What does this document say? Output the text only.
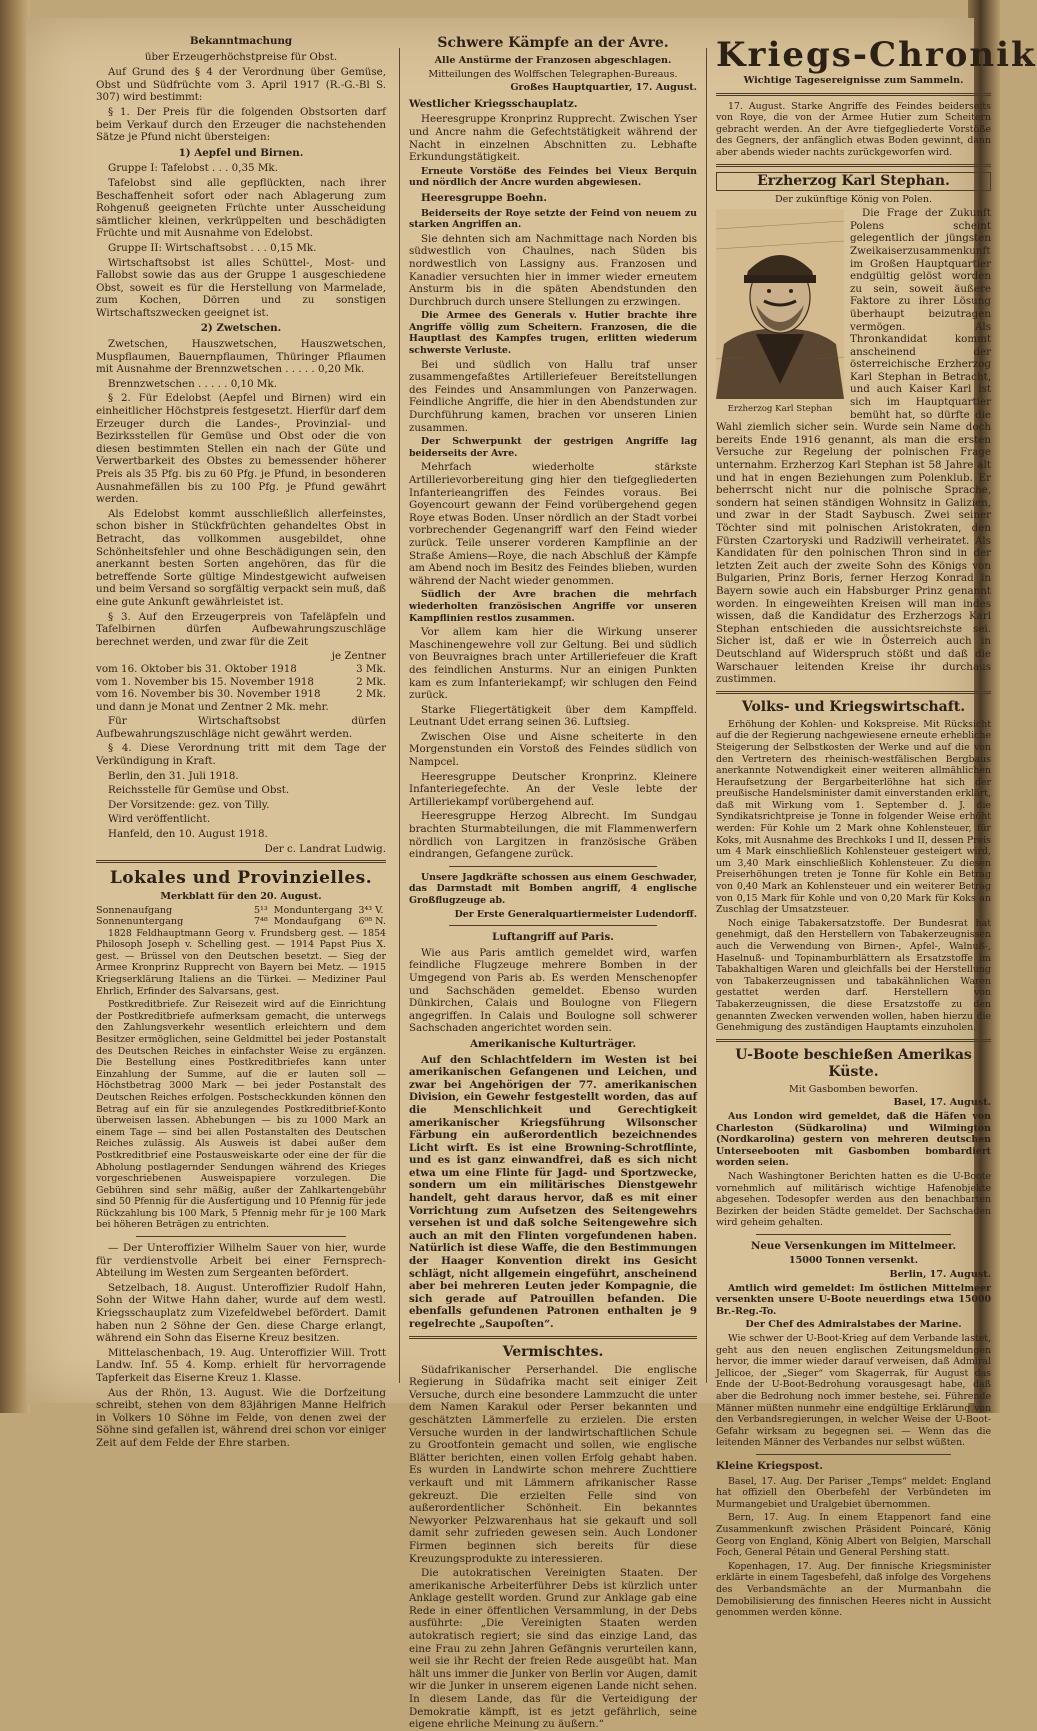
Bekanntmachung
über Erzeugerhöchstpreise für Obst.

Auf Grund des § 4 der Verordnung über Gemüse, Obst und Südfrüchte vom 3. April 1917 (R.-G.-Bl S. 307) wird bestimmt:

§ 1. Der Preis für die folgenden Obstsorten darf beim Verkauf durch den Erzeuger die nachstehenden Sätze je Pfund nicht übersteigen:

1) Aepfel und Birnen.

Gruppe I: Tafelobst . . . 0,35 Mk.

Tafelobst sind alle gepflückten, nach ihrer Beschaffenheit sofort oder nach Ablagerung zum Rohgenuß geeigneten Früchte unter Ausscheidung sämtlicher kleinen, verkrüppelten und beschädigten Früchte und mit Ausnahme von Edelobst.

Gruppe II: Wirtschaftsobst . . . 0,15 Mk.

Wirtschaftsobst ist alles Schüttel-, Most- und Fallobst sowie das aus der Gruppe 1 ausgeschiedene Obst, soweit es für die Herstellung von Marmelade, zum Kochen, Dörren und zu sonstigen Wirtschaftszwecken geeignet ist.

2) Zwetschen.

Zwetschen, Hauszwetschen, Hauszwetschen, Muspflaumen, Bauernpflaumen, Thüringer Pflaumen mit Ausnahme der Brennzwetschen . . . . . 0,20 Mk.

Brennzwetschen . . . . . 0,10 Mk.

§ 2. Für Edelobst (Aepfel und Birnen) wird ein einheitlicher Höchstpreis festgesetzt. Hierfür darf dem Erzeuger durch die Landes-, Provinzial- und Bezirksstellen für Gemüse und Obst oder die von diesen bestimmten Stellen ein nach der Güte und Verwertbarkeit des Obstes zu bemessender höherer Preis als 35 Pfg. bis zu 60 Pfg. je Pfund, in besonderen Ausnahmefällen bis zu 100 Pfg. je Pfund gewährt werden.

Als Edelobst kommt ausschließlich allerfeinstes, schon bisher in Stückfrüchten gehandeltes Obst in Betracht, das vollkommen ausgebildet, ohne Schönheitsfehler und ohne Beschädigungen sein, den anerkannt besten Sorten angehören, das für die betreffende Sorte gültige Mindestgewicht aufweisen und beim Versand so sorgfältig verpackt sein muß, daß eine gute Ankunft gewährleistet ist.

§ 3. Auf den Erzeugerpreis von Tafeläpfeln und Tafelbirnen dürfen Aufbewahrungszuschläge berechnet werden, und zwar für die Zeit

je Zentner
vom 16. Oktober bis 31. Oktober 1918	3 Mk.
vom 1. November bis 15. November 1918	2 Mk.
vom 16. November bis 30. November 1918	2 Mk.

und dann je Monat und Zentner 2 Mk. mehr.

Für Wirtschaftsobst dürfen Aufbewahrungszuschläge nicht gewährt werden.

§ 4. Diese Verordnung tritt mit dem Tage der Verkündigung in Kraft.

Berlin, den 31. Juli 1918.

Reichsstelle für Gemüse und Obst.

Der Vorsitzende: gez. von Tilly.

Wird veröffentlicht.

Hanfeld, den 10. August 1918.

Der c. Landrat Ludwig.

Lokales und Provinzielles.
Merkblatt für den 20. August.
Sonnenaufgang	5¹³ Monduntergang 3⁴³ V.
Sonnenuntergang	7⁴⁸ Mondaufgang	6⁰⁸ N.

1828 Feldhauptmann Georg v. Frundsberg gest. — 1854 Philosoph Joseph v. Schelling gest. — 1914 Papst Pius X. gest. — Brüssel von den Deutschen besetzt. — Sieg der Armee Kronprinz Rupprecht von Bayern bei Metz. — 1915 Kriegserklärung Italiens an die Türkei. — Mediziner Paul Ehrlich, Erfinder des Salvarsans, gest.

Postkreditbriefe. Zur Reisezeit wird auf die Einrichtung der Postkreditbriefe aufmerksam gemacht, die unterwegs den Zahlungsverkehr wesentlich erleichtern und dem Besitzer ermöglichen, seine Geldmittel bei jeder Postanstalt des Deutschen Reiches in einfachster Weise zu ergänzen. Die Bestellung eines Postkreditbriefes kann unter Einzahlung der Summe, auf die er lauten soll — Höchstbetrag 3000 Mark — bei jeder Postanstalt des Deutschen Reiches erfolgen. Postscheckkunden können den Betrag auf ein für sie anzulegendes Postkreditbrief-Konto überweisen lassen. Abhebungen — bis zu 1000 Mark an einem Tage — sind bei allen Postanstalten des Deutschen Reiches zulässig. Als Ausweis ist dabei außer dem Postkreditbrief eine Postausweiskarte oder eine der für die Abholung postlagernder Sendungen während des Krieges vorgeschriebenen Ausweispapiere vorzulegen. Die Gebühren sind sehr mäßig, außer der Zahlkartengebühr sind 50 Pfennig für die Ausfertigung und 10 Pfennig für jede Rückzahlung bis 100 Mark, 5 Pfennig mehr für je 100 Mark bei höheren Beträgen zu entrichten.

— Der Unteroffizier Wilhelm Sauer von hier, wurde für verdienstvolle Arbeit bei einer Fernsprech-Abteilung im Westen zum Sergeanten befördert.

Setzelbach, 18. August. Unteroffizier Rudolf Hahn, Sohn der Witwe Hahn daher, wurde auf dem westl. Kriegsschauplatz zum Vizefeldwebel befördert. Damit haben nun 2 Söhne der Gen. diese Charge erlangt, während ein Sohn das Eiserne Kreuz besitzen.

Mittelaschenbach, 19. Aug. Unteroffizier Will. Trott Landw. Inf. 55 4. Komp. erhielt für hervorragende Tapferkeit das Eiserne Kreuz 1. Klasse.

Aus der Rhön, 13. August. Wie die Dorfzeitung schreibt, stehen von dem 83jährigen Manne Helfrich in Volkers 10 Söhne im Felde, von denen zwei der Söhne sind gefallen ist, während drei schon vor einiger Zeit auf dem Felde der Ehre starben.

Schwere Kämpfe an der Avre.
Alle Anstürme der Franzosen abgeschlagen.
Mitteilungen des Wolffschen Telegraphen-Bureaus.
Großes Hauptquartier, 17. August.
Westlicher Kriegsschauplatz.

Heeresgruppe Kronprinz Rupprecht. Zwischen Yser und Ancre nahm die Gefechtstätigkeit während der Nacht in einzelnen Abschnitten zu. Lebhafte Erkundungstätigkeit.

Erneute Vorstöße des Feindes bei Vieux Berquin und nördlich der Ancre wurden abgewiesen.

Heeresgruppe Boehn.

Beiderseits der Roye setzte der Feind von neuem zu starken Angriffen an.

Sie dehnten sich am Nachmittage nach Norden bis südwestlich von Chaulnes, nach Süden bis nordwestlich von Lassigny aus. Franzosen und Kanadier versuchten hier in immer wieder erneutem Ansturm bis in die späten Abendstunden den Durchbruch durch unsere Stellungen zu erzwingen.

Die Armee des Generals v. Hutier brachte ihre Angriffe völlig zum Scheitern. Franzosen, die die Hauptlast des Kampfes trugen, erlitten wiederum schwerste Verluste.

Bei und südlich von Hallu traf unser zusammengefaßtes Artilleriefeuer Bereitstellungen des Feindes und Ansammlungen von Panzerwagen. Feindliche Angriffe, die hier in den Abendstunden zur Durchführung kamen, brachen vor unseren Linien zusammen.

Der Schwerpunkt der gestrigen Angriffe lag beiderseits der Avre.

Mehrfach wiederholte stärkste Artillerievorbereitung ging hier den tiefgegliederten Infanterieangriffen des Feindes voraus. Bei Goyencourt gewann der Feind vorübergehend gegen Roye etwas Boden. Unser nördlich an der Stadt vorbei vorbrechender Gegenangriff warf den Feind wieder zurück. Teile unserer vorderen Kampflinie an der Straße Amiens—Roye, die nach Abschluß der Kämpfe am Abend noch im Besitz des Feindes blieben, wurden während der Nacht wieder genommen.

Südlich der Avre brachen die mehrfach wiederholten französischen Angriffe vor unseren Kampflinien restlos zusammen.

Vor allem kam hier die Wirkung unserer Maschinengewehre voll zur Geltung. Bei und südlich von Beuvraignes brach unter Artilleriefeuer die Kraft des feindlichen Ansturms. Nur an einigen Punkten kam es zum Infanteriekampf; wir schlugen den Feind zurück.

Starke Fliegertätigkeit über dem Kampffeld. Leutnant Udet errang seinen 36. Luftsieg.

Zwischen Oise und Aisne scheiterte in den Morgenstunden ein Vorstoß des Feindes südlich von Nampcel.

Heeresgruppe Deutscher Kronprinz. Kleinere Infanteriegefechte. An der Vesle lebte der Artilleriekampf vorübergehend auf.

Heeresgruppe Herzog Albrecht. Im Sundgau brachten Sturmabteilungen, die mit Flammenwerfern nördlich von Largitzen in französische Gräben eindrangen, Gefangene zurück.

Unsere Jagdkräfte schossen aus einem Geschwader, das Darmstadt mit Bomben angriff, 4 englische Großflugzeuge ab.

Der Erste Generalquartiermeister Ludendorff.

Luftangriff auf Paris.

Wie aus Paris amtlich gemeldet wird, warfen feindliche Flugzeuge mehrere Bomben in der Umgegend von Paris ab. Es werden Menschenopfer und Sachschäden gemeldet. Ebenso wurden Dünkirchen, Calais und Boulogne von Fliegern angegriffen. In Calais und Boulogne soll schwerer Sachschaden angerichtet worden sein.

Amerikanische Kulturträger.

Auf den Schlachtfeldern im Westen ist bei amerikanischen Gefangenen und Leichen, und zwar bei Angehörigen der 77. amerikanischen Division, ein Gewehr festgestellt worden, das auf die Menschlichkeit und Gerechtigkeit amerikanischer Kriegsführung Wilsonscher Färbung ein außerordentlich bezeichnendes Licht wirft. Es ist eine Browning-Schrotflinte, und es ist ganz einwandfrei, daß es sich nicht etwa um eine Flinte für Jagd- und Sportzwecke, sondern um ein militärisches Dienstgewehr handelt, geht daraus hervor, daß es mit einer Vorrichtung zum Aufsetzen des Seitengewehrs versehen ist und daß solche Seitengewehre sich auch an mit den Flinten vorgefundenen haben. Natürlich ist diese Waffe, die den Bestimmungen der Haager Konvention direkt ins Gesicht schlägt, nicht allgemein eingeführt, anscheinend aber bei mehreren Leuten jeder Kompagnie, die sich gerade auf Patrouillen befanden. Die ebenfalls gefundenen Patronen enthalten je 9 regelrechte „Saupoſten“.

Vermischtes.

Südafrikanischer Perserhandel. Die englische Regierung in Südafrika macht seit einiger Zeit Versuche, durch eine besondere Lammzucht die unter dem Namen Karakul oder Perser bekannten und geschätzten Lämmerfelle zu erzielen. Die ersten Versuche wurden in der landwirtschaftlichen Schule zu Grootfontein gemacht und sollen, wie englische Blätter berichten, einen vollen Erfolg gehabt haben. Es wurden in Landwirte schon mehrere Zuchttiere verkauft und mit Lämmern afrikanischer Rasse gekreuzt. Die erzielten Felle sind von außerordentlicher Schönheit. Ein bekanntes Newyorker Pelzwarenhaus hat sie gekauft und soll damit sehr zufrieden gewesen sein. Auch Londoner Firmen beginnen sich bereits für diese Kreuzungsprodukte zu interessieren.

Die autokratischen Vereinigten Staaten. Der amerikanische Arbeiterführer Debs ist kürzlich unter Anklage gestellt worden. Grund zur Anklage gab eine Rede in einer öffentlichen Versammlung, in der Debs ausführte: „Die Vereinigten Staaten werden autokratisch regiert; sie sind das einzige Land, das eine Frau zu zehn Jahren Gefängnis verurteilen kann, weil sie ihr Recht der freien Rede ausgeübt hat. Man hält uns immer die Junker von Berlin vor Augen, damit wir die Junker in unserem eigenen Lande nicht sehen. In diesem Lande, das für die Verteidigung der Demokratie kämpft, ist es jetzt gefährlich, seine eigene ehrliche Meinung zu äußern.“

Kriegs-Chronik
Wichtige Tagesereignisse zum Sammeln.

17. August. Starke Angriffe des Feindes beiderseits von Roye, die von der Armee Hutier zum Scheitern gebracht werden. An der Avre tiefgegliederte Vorstöße des Gegners, der anfänglich etwas Boden gewinnt, dann aber abends wieder nachts zurückgeworfen wird.

Erzherzog Karl Stephan.
Der zukünftige König von Polen.
Erzherzog Karl Stephan

Die Frage der Zukunft Polens scheint gelegentlich der jüngsten Zweikaiserzusammenkunft im Großen Hauptquartier endgültig gelöst worden zu sein, soweit äußere Faktore zu ihrer Lösung überhaupt beizutragen vermögen. Als Thronkandidat kommt anscheinend der österreichische Erzherzog Karl Stephan in Betracht, und auch Kaiser Karl ist sich im Hauptquartier bemüht hat, so dürfte die Wahl ziemlich sicher sein. Wurde sein Name doch bereits Ende 1916 genannt, als man die ersten Versuche zur Regelung der polnischen Frage unternahm. Erzherzog Karl Stephan ist 58 Jahre alt und hat in engen Beziehungen zum Polenklub. Er beherrscht nicht nur die polnische Sprache, sondern hat seinen ständigen Wohnsitz in Galizien, und zwar in der Stadt Saybusch. Zwei seiner Töchter sind mit polnischen Aristokraten, den Fürsten Czartoryski und Radziwill verheiratet. Als Kandidaten für den polnischen Thron sind in der letzten Zeit auch der zweite Sohn des Königs von Bulgarien, Prinz Boris, ferner Herzog Konrad in Bayern sowie auch ein Habsburger Prinz genannt worden. In eingeweihten Kreisen will man indes wissen, daß die Kandidatur des Erzherzogs Karl Stephan entschieden die aussichtsreichste sei. Sicher ist, daß er wie in Österreich auch in Deutschland auf Widerspruch stößt und daß die Warschauer leitenden Kreise ihr durchaus zustimmen.

Volks- und Kriegswirtschaft.

Erhöhung der Kohlen- und Kokspreise. Mit Rücksicht auf die der Regierung nachgewiesene erneute erhebliche Steigerung der Selbstkosten der Werke und auf die von den Vertretern des rheinisch-westfälischen Bergbaus anerkannte Notwendigkeit einer weiteren allmählichen Heraufsetzung der Bergarbeiterlöhne hat sich der preußische Handelsminister damit einverstanden erklärt, daß mit Wirkung vom 1. September d. J. die Syndikatsrichtpreise je Tonne in folgender Weise erhöht werden: Für Kohle um 2 Mark ohne Kohlensteuer, für Koks, mit Ausnahme des Brechkoks I und II, dessen Preis um 4 Mark einschließlich Kohlensteuer gesteigert wird, um 3,40 Mark einschließlich Kohlensteuer. Zu diesen Preiserhöhungen treten je Tonne für Kohle ein Betrag von 0,40 Mark an Kohlensteuer und ein weiterer Betrag von 0,15 Mark für Kohle und von 0,20 Mark für Koks an Zuschlag der Umsatzsteuer.

Noch einige Tabakersatzstoffe. Der Bundesrat hat genehmigt, daß den Herstellern von Tabakerzeugnissen auch die Verwendung von Birnen-, Apfel-, Walnuß-, Haselnuß- und Topinamburblättern als Ersatzstoffe im Tabakhaltigen Waren und gleichfalls bei der Herstellung von Tabakerzeugnissen und tabakähnlichen Waren gestattet werden darf. Herstellern von Tabakerzeugnissen, die diese Ersatzstoffe zu den genannten Zwecken verwenden wollen, haben hierzu die Genehmigung des zuständigen Hauptamts einzuholen.

U-Boote beschießen Amerikas Küste.
Mit Gasbomben beworfen.
Basel, 17. August.

Aus London wird gemeldet, daß die Häfen von Charleston (Südkarolina) und Wilmington (Nordkarolina) gestern von mehreren deutschen Unterseebooten mit Gasbomben bombardiert worden seien.

Nach Washingtoner Berichten hatten es die U-Boote vornehmlich auf militärisch wichtige Hafenobjekte abgesehen. Todesopfer werden aus den benachbarten Bezirken der beiden Städte gemeldet. Der Sachschaden wird geheim gehalten.

Neue Versenkungen im Mittelmeer.
15000 Tonnen versenkt.
Berlin, 17. August.

Amtlich wird gemeldet: Im östlichen Mittelmeer versenkten unsere U-Boote neuerdings etwa 15000 Br.-Reg.-To.

Der Chef des Admiralstabes der Marine.

Wie schwer der U-Boot-Krieg auf dem Verbande lastet, geht aus den neuen englischen Zeitungsmeldungen hervor, die immer wieder darauf verweisen, daß Admiral Jellicoe, der „Sieger“ vom Skagerrak, für August das Ende der U-Boot-Bedrohung vorausgesagt habe, daß aber die Bedrohung noch immer bestehe, sei. Führende Männer müßten nunmehr eine endgültige Erklärung von den Verbandsregierungen, in welcher Weise der U-Boot-Gefahr wirksam zu begegnen sei. — Wenn das die leitenden Männer des Verbandes nur selbst wüßten.

Kleine Kriegspost.

Basel, 17. Aug. Der Pariser „Temps“ meldet: England hat offiziell den Oberbefehl der Verbündeten im Murmangebiet und Uralgebiet übernommen.

Bern, 17. Aug. In einem Etappenort fand eine Zusammenkunft zwischen Präsident Poincaré, König Georg von England, König Albert von Belgien, Marschall Foch, General Pétain und General Pershing statt.

Kopenhagen, 17. Aug. Der finnische Kriegsminister erklärte in einem Tagesbefehl, daß infolge des Vorgehens des Verbandsmächte an der Murmanbahn die Demobilisierung des finnischen Heeres nicht in Aussicht genommen werden könne.
